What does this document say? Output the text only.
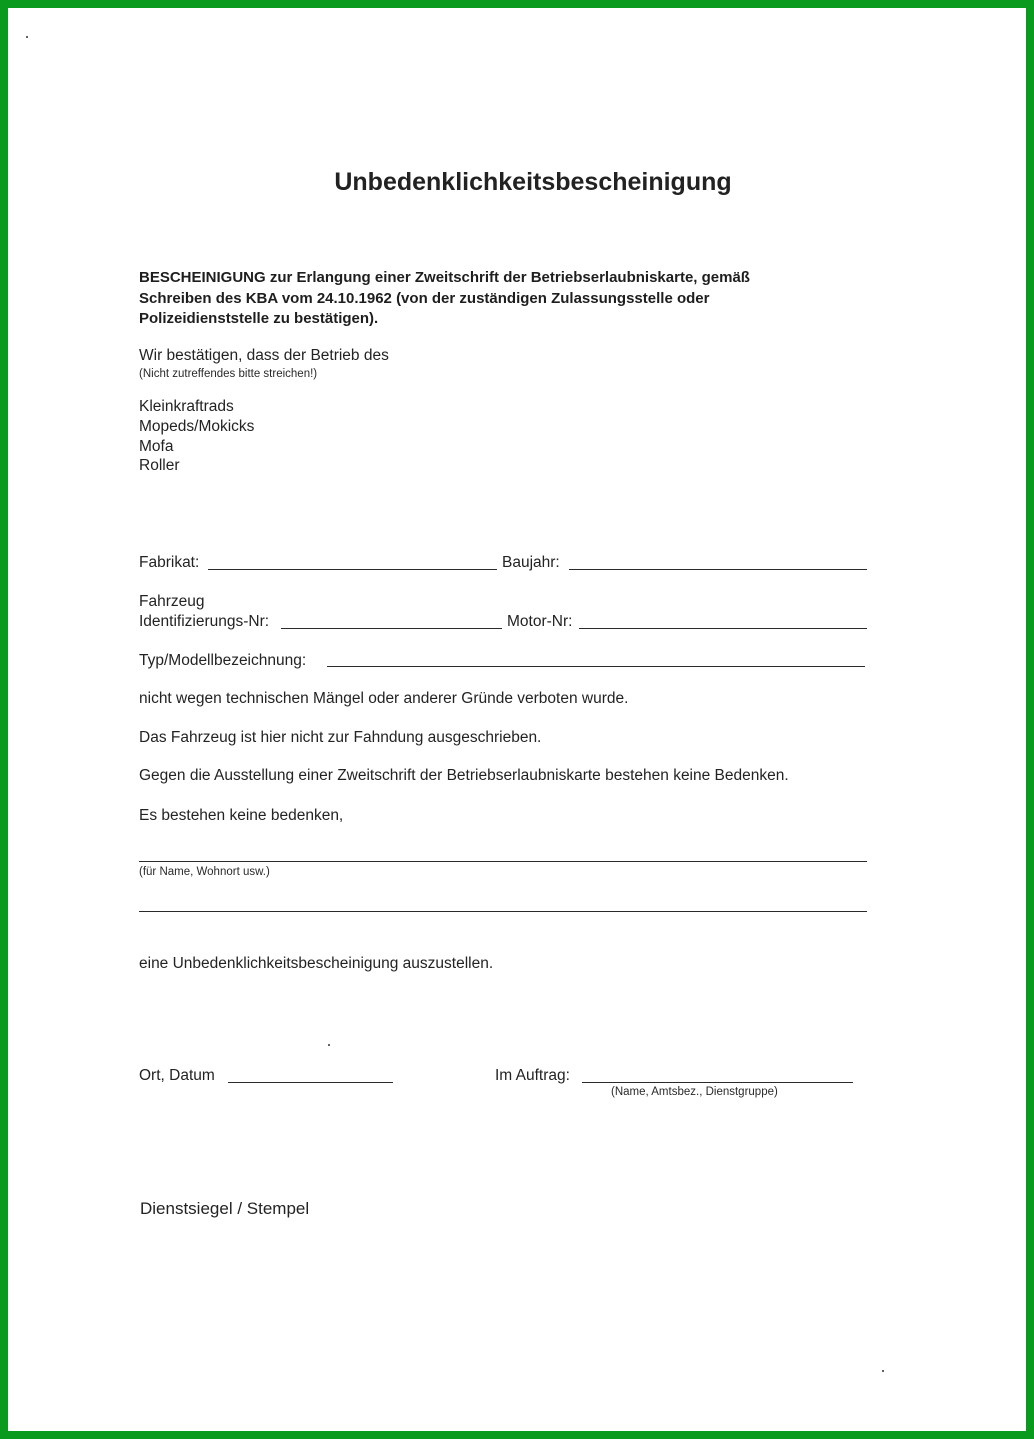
Unbedenklichkeitsbescheinigung
BESCHEINIGUNG zur Erlangung einer Zweitschrift der Betriebserlaubniskarte, gemäß
Schreiben des KBA vom 24.10.1962 (von der zuständigen Zulassungsstelle oder
Polizeidienststelle zu bestätigen).
Wir bestätigen, dass der Betrieb des
(Nicht zutreffendes bitte streichen!)
Kleinkraftrads
Mopeds/Mokicks
Mofa
Roller
Fabrikat:	Baujahr:
Fahrzeug
Identifizierungs-Nr:	Motor-Nr:
Typ/Modellbezeichnung:
nicht wegen technischen Mängel oder anderer Gründe verboten wurde.
Das Fahrzeug ist hier nicht zur Fahndung ausgeschrieben.
Gegen die Ausstellung einer Zweitschrift der Betriebserlaubniskarte bestehen keine Bedenken.
Es bestehen keine bedenken,
(für Name, Wohnort usw.)
eine Unbedenklichkeitsbescheinigung auszustellen.
Ort, Datum	Im Auftrag:
(Name, Amtsbez., Dienstgruppe)
Dienstsiegel / Stempel
